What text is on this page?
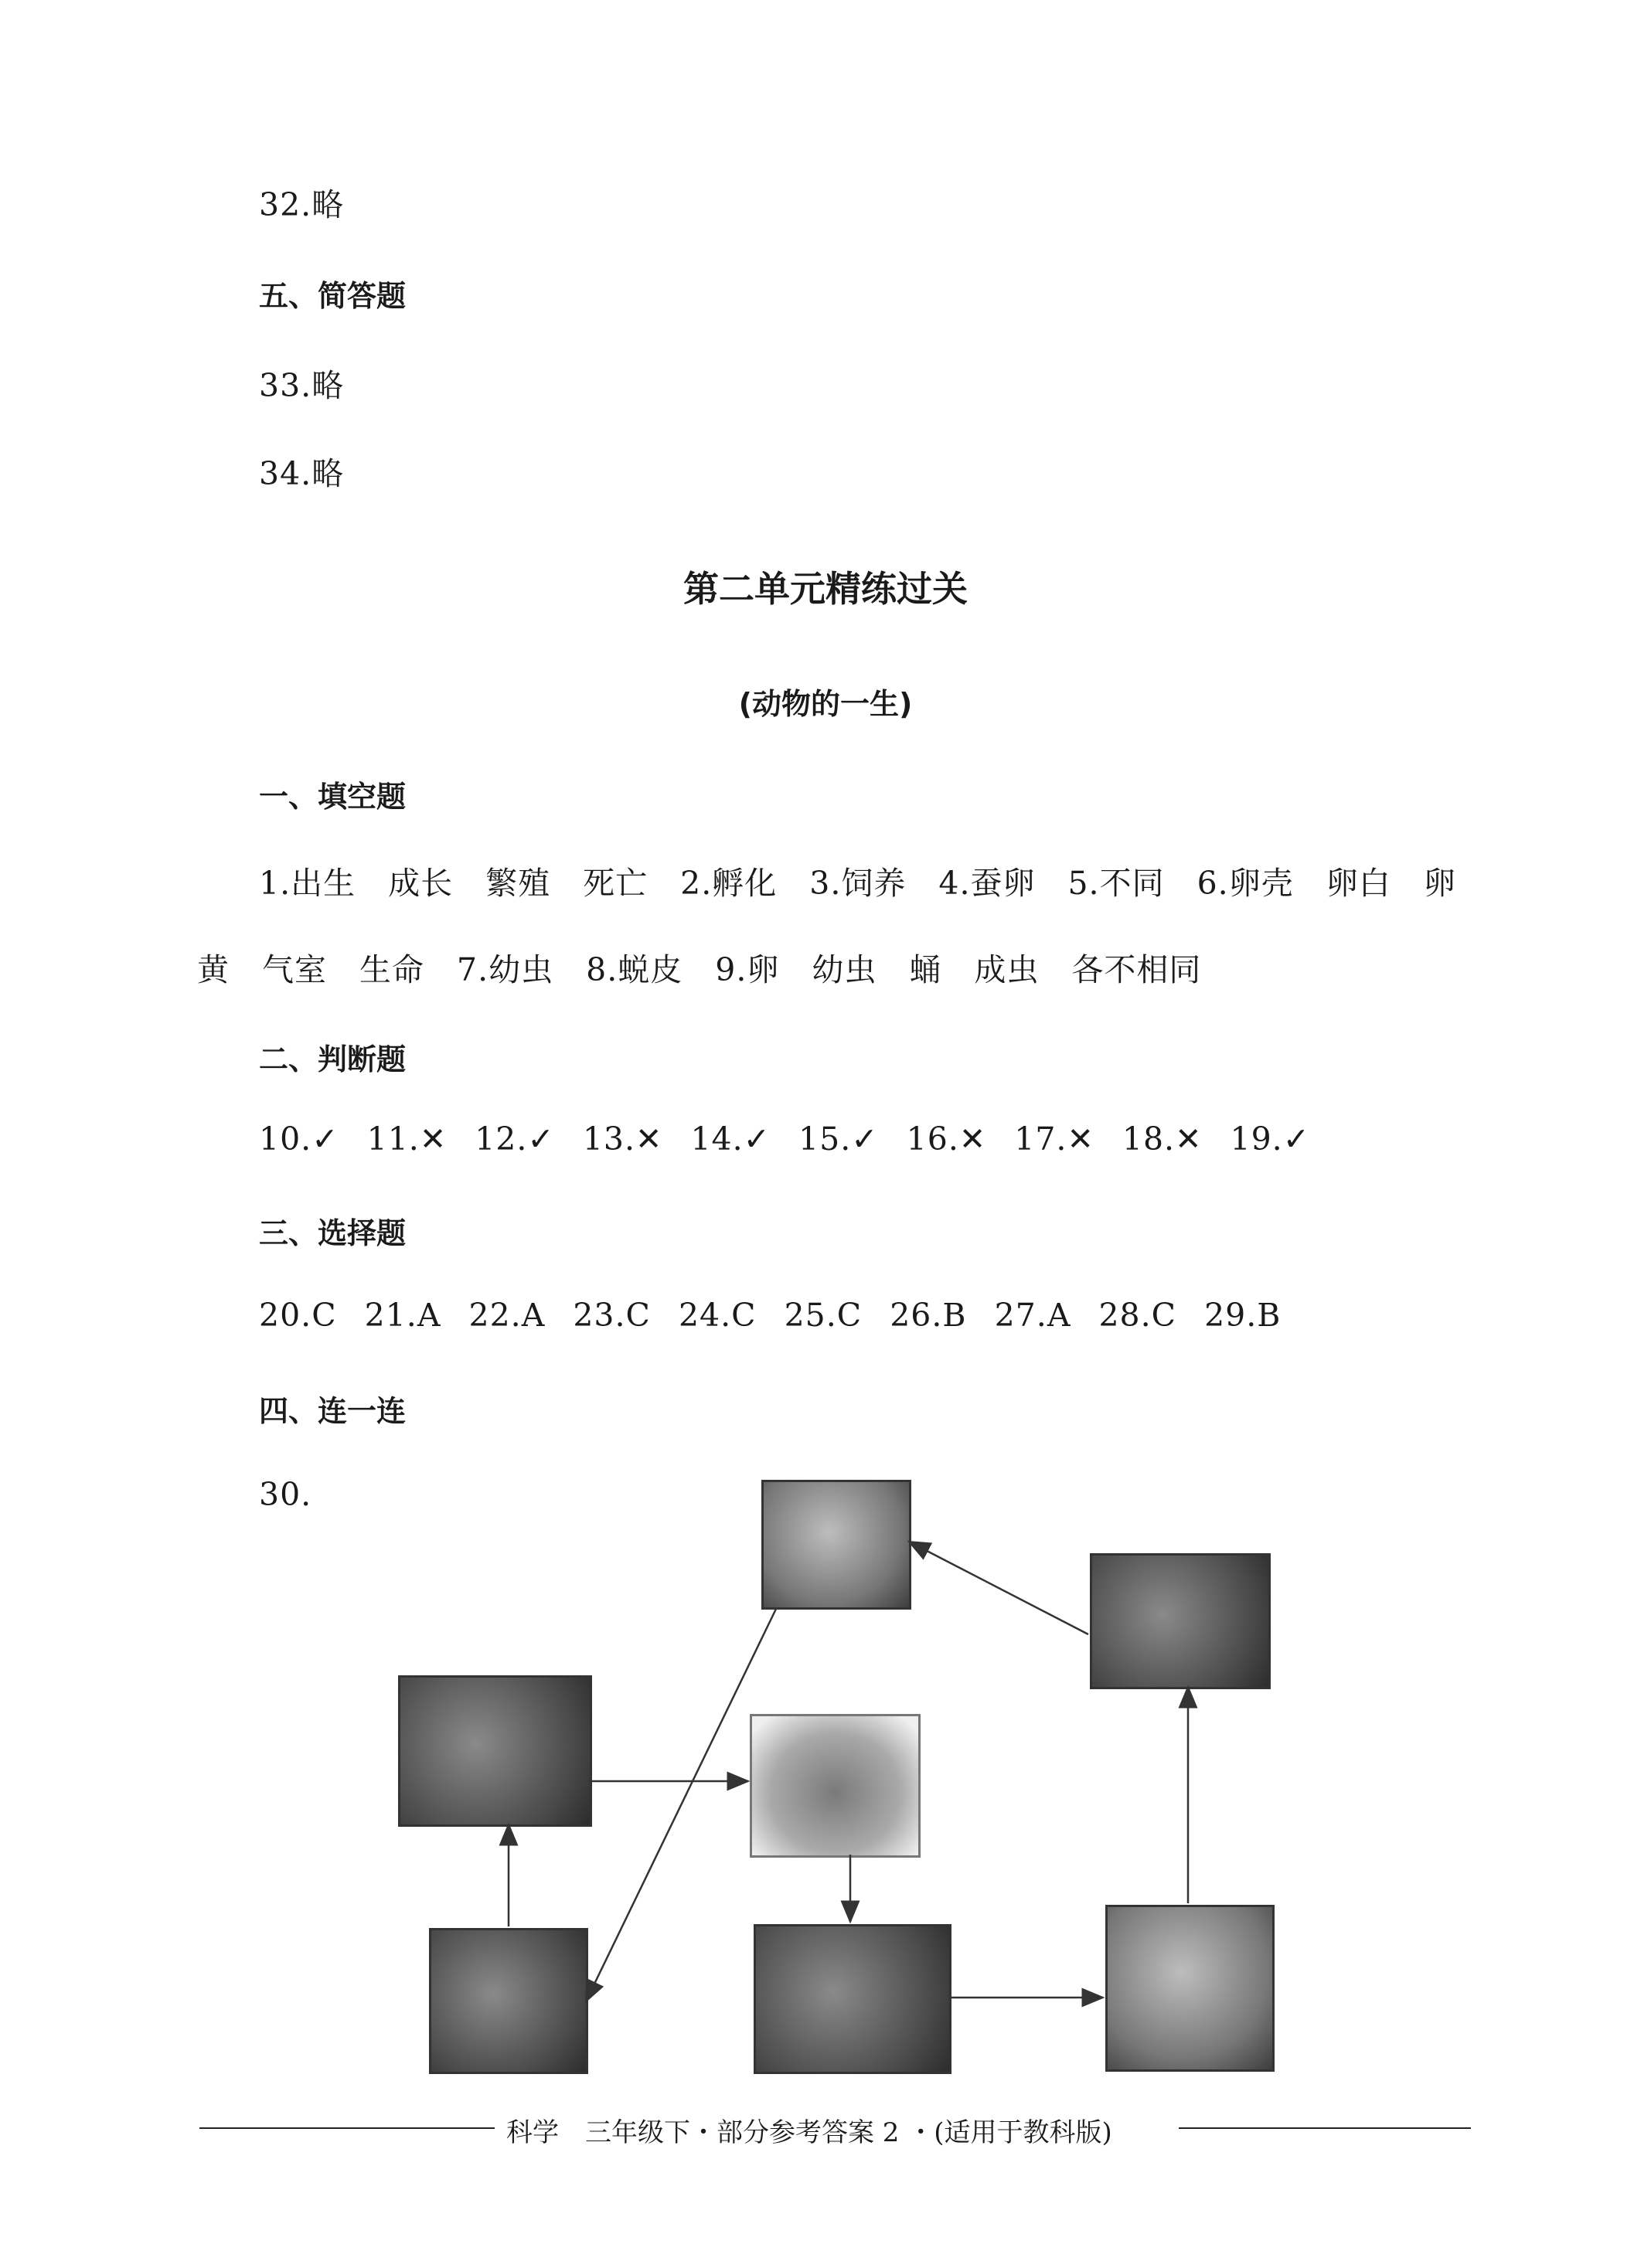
32.略
五、简答题
33.略
34.略
第二单元精练过关
(动物的一生)
一、填空题
1.出生　成长　繁殖　死亡　2.孵化　3.饲养　4.蚕卵　5.不同　6.卵壳　卵白　卵
黄　气室　生命　7.幼虫　8.蜕皮　9.卵　幼虫　蛹　成虫　各不相同
二、判断题
10.✓ 11.✕ 12.✓ 13.✕ 14.✓ 15.✓ 16.✕ 17.✕ 18.✕ 19.✓
三、选择题
20.C 21.A 22.A 23.C 24.C 25.C 26.B 27.A 28.C 29.B
四、连一连
30.
科学　三年级下・部分参考答案 2 ・(适用于教科版)
